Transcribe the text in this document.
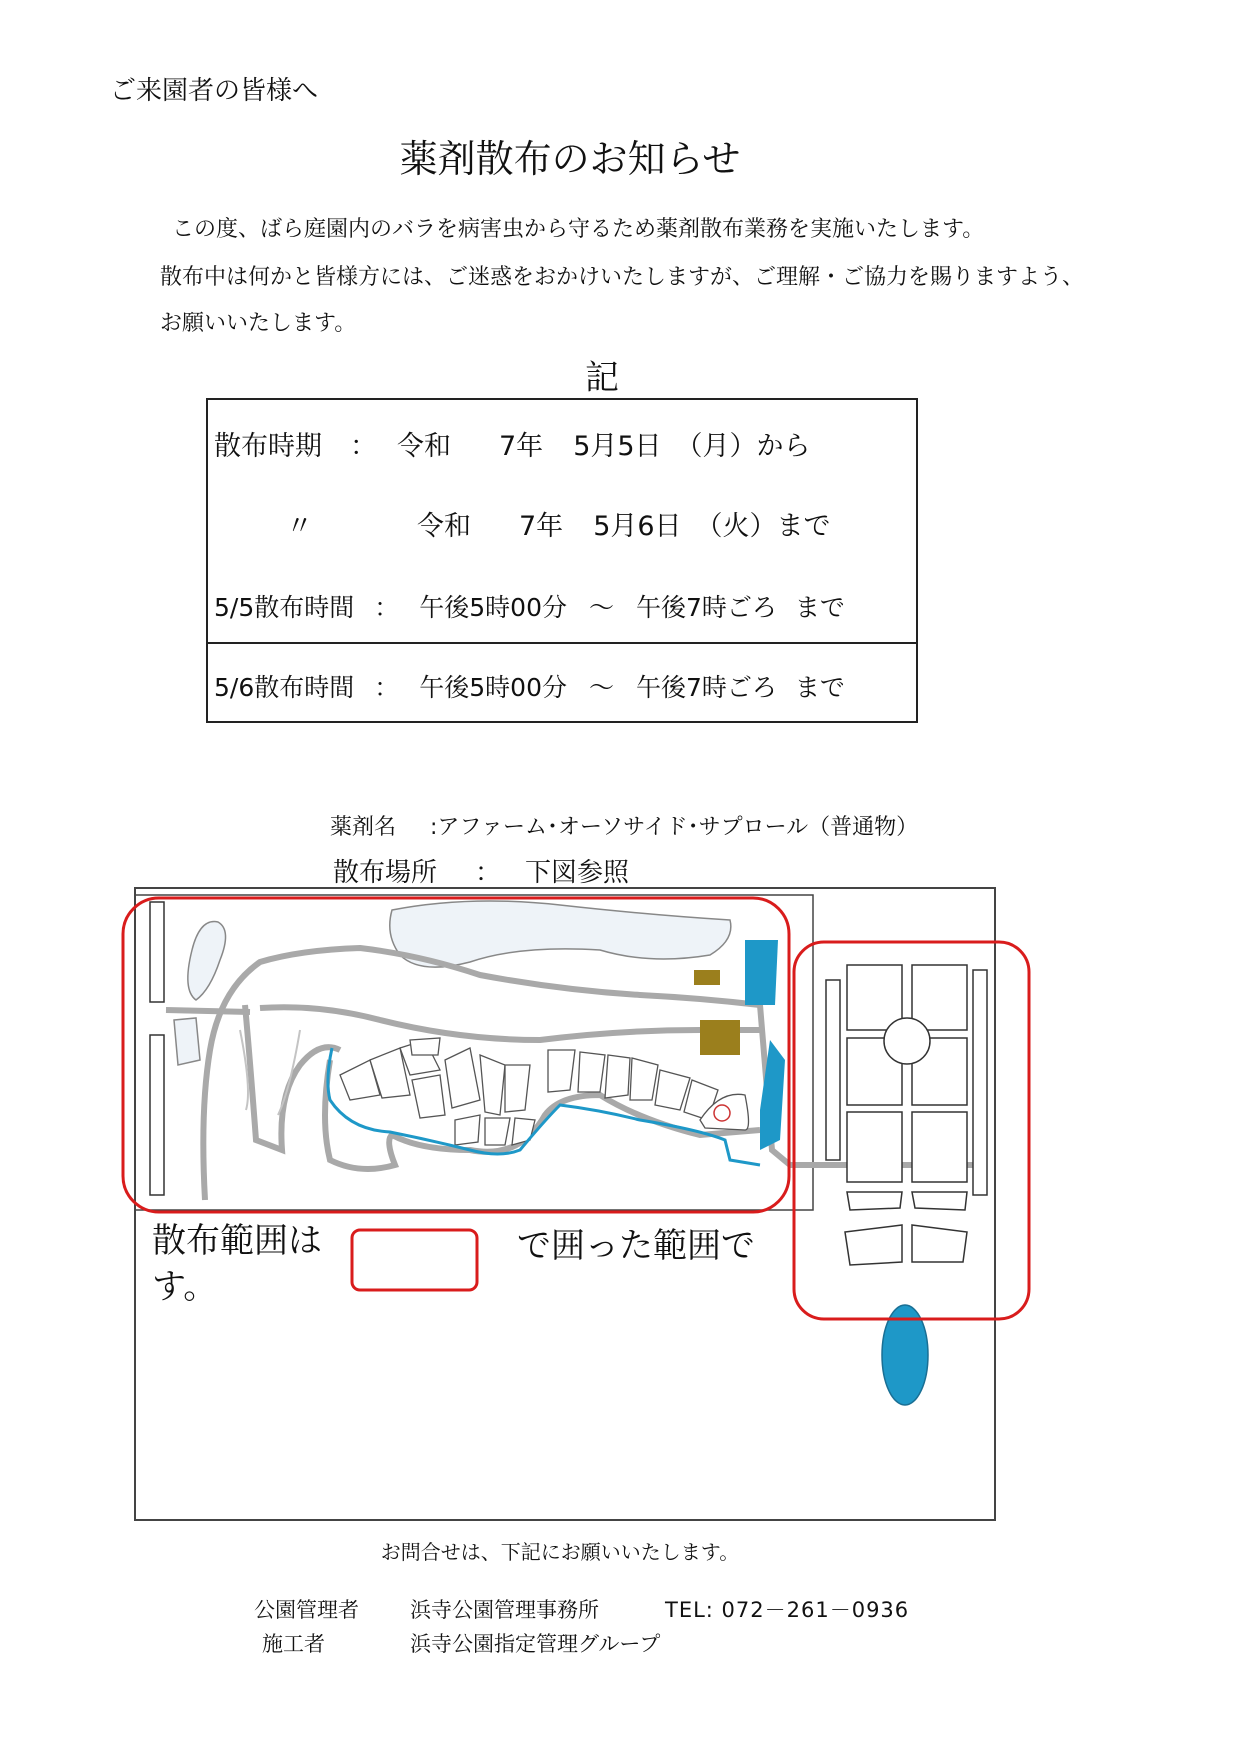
ご来園者の皆様へ
薬剤散布のお知らせ
この度、ばら庭園内のバラを病害虫から守るため薬剤散布業務を実施いたします。
散布中は何かと皆様方には、ご迷惑をおかけいたしますが、ご理解・ご協力を賜りますよう、
お願いいたします。
記
散布時期 ： 令和 7年 5月5日 （月）から
〃	令和 7年 5月6日 （火）まで
5/5散布時間 ： 午後5時00分 ～ 午後7時ごろ まで
5/6散布時間 ： 午後5時00分 ～ 午後7時ごろ まで
薬剤名 :アファーム･オーソサイド･サプロール（普通物）
散布場所 ： 下図参照
散布範囲は
す。
で囲った範囲で
お問合せは、下記にお願いいたします。
公園管理者 浜寺公園管理事務所	TEL: 072－261－0936
施工者	浜寺公園指定管理グループ
